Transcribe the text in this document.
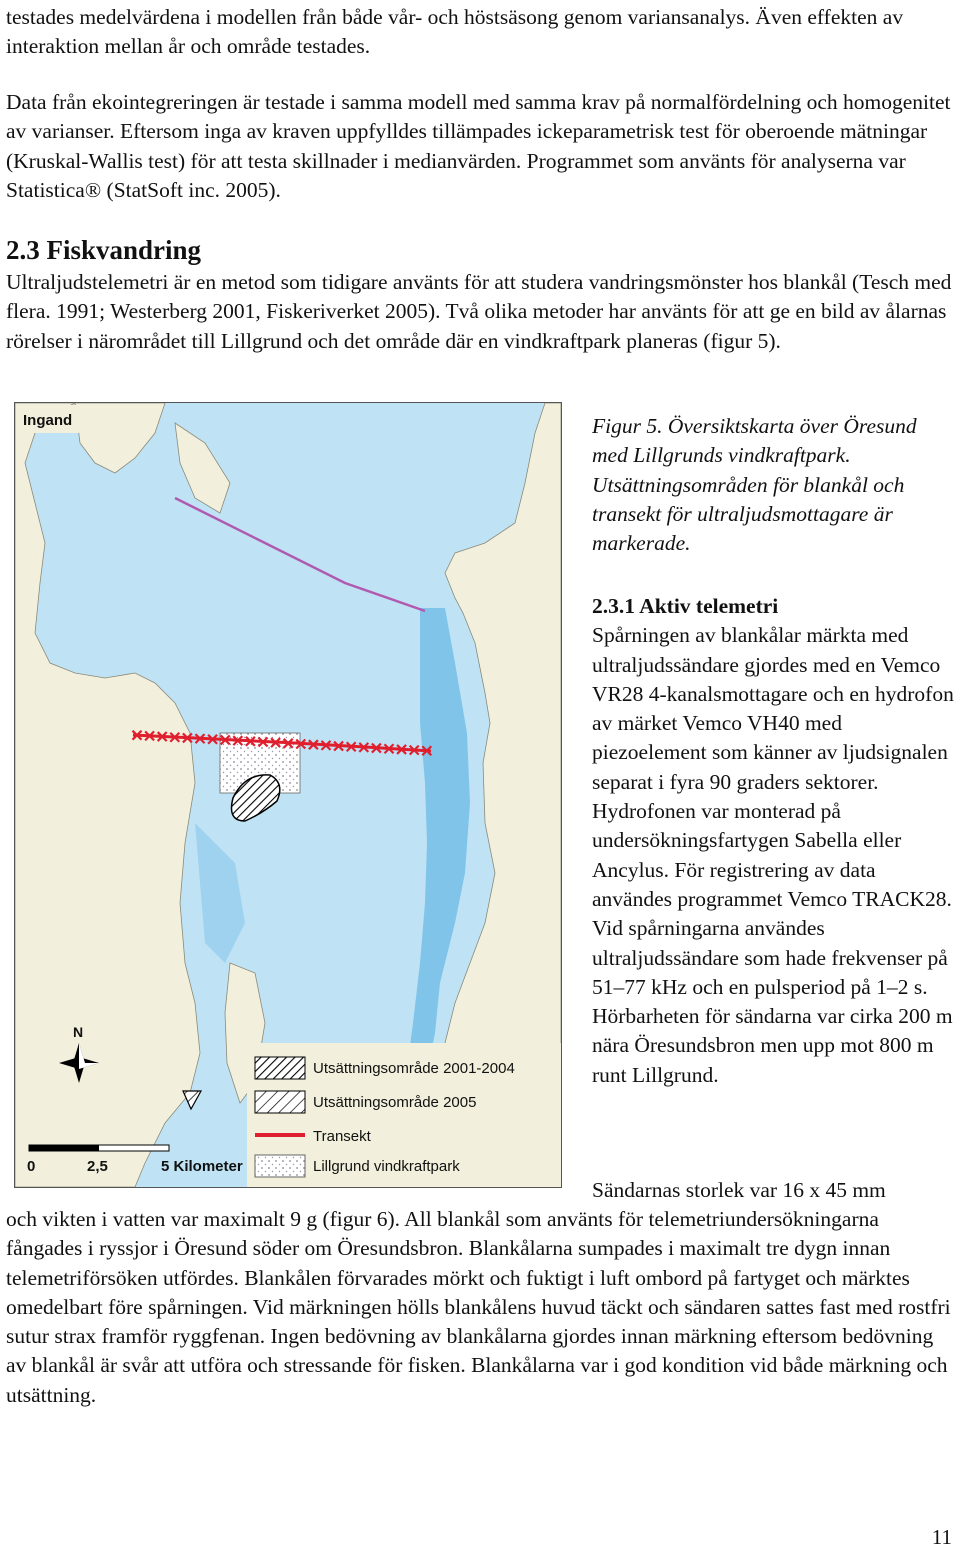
testades medelvärdena i modellen från både vår- och höstsäsong genom variansanalys. Även effekten av interaktion mellan år och område testades.

Data från ekointegreringen är testade i samma modell med samma krav på normalfördelning och homogenitet av varianser. Eftersom inga av kraven uppfylldes tillämpades ickeparametrisk test för oberoende mätningar (Kruskal-Wallis test) för att testa skillnader i medianvärden. Programmet som använts för analyserna var Statistica® (StatSoft inc. 2005).

2.3 Fiskvandring

Ultraljudstelemetri är en metod som tidigare använts för att studera vandringsmönster hos blankål (Tesch med flera. 1991; Westerberg 2001, Fiskeriverket 2005). Två olika metoder har använts för att ge en bild av ålarnas rörelser i närområdet till Lillgrund och det område där en vindkraftpark planeras (figur 5).

Ingand
N
0	2,5	5 Kilometer
Utsättningsområde 2001-2004
Utsättningsområde 2005
Transekt
Lillgrund vindkraftpark

Figur 5. Översiktskarta över Öresund med Lillgrunds vindkraftpark. Utsättningsområden för blankål och transekt för ultraljudsmottagare är markerade.

2.3.1 Aktiv telemetri
Spårningen av blankålar märkta med ultraljudssändare gjordes med en Vemco VR28 4-kanalsmottagare och en hydrofon av märket Vemco VH40 med piezoelement som känner av ljudsignalen separat i fyra 90 graders sektorer. Hydrofonen var monterad på undersökningsfartygen Sabella eller Ancylus. För registrering av data användes programmet Vemco TRACK28. Vid spårningarna användes ultraljudssändare som hade frekvenser på 51–77 kHz och en pulsperiod på 1–2 s. Hörbarheten för sändarna var cirka 200 m nära Öresundsbron men upp mot 800 m runt Lillgrund.

Sändarnas storlek var 16 x 45 mm

och vikten i vatten var maximalt 9 g (figur 6). All blankål som använts för telemetriundersökningarna fångades i ryssjor i Öresund söder om Öresundsbron. Blankålarna sumpades i maximalt tre dygn innan telemetriförsöken utfördes. Blankålen förvarades mörkt och fuktigt i luft ombord på fartyget och märktes omedelbart före spårningen. Vid märkningen hölls blankålens huvud täckt och sändaren sattes fast med rostfri sutur strax framför ryggfenan. Ingen bedövning av blankålarna gjordes innan märkning eftersom bedövning av blankål är svår att utföra och stressande för fisken. Blankålarna var i god kondition vid både märkning och utsättning.

11
